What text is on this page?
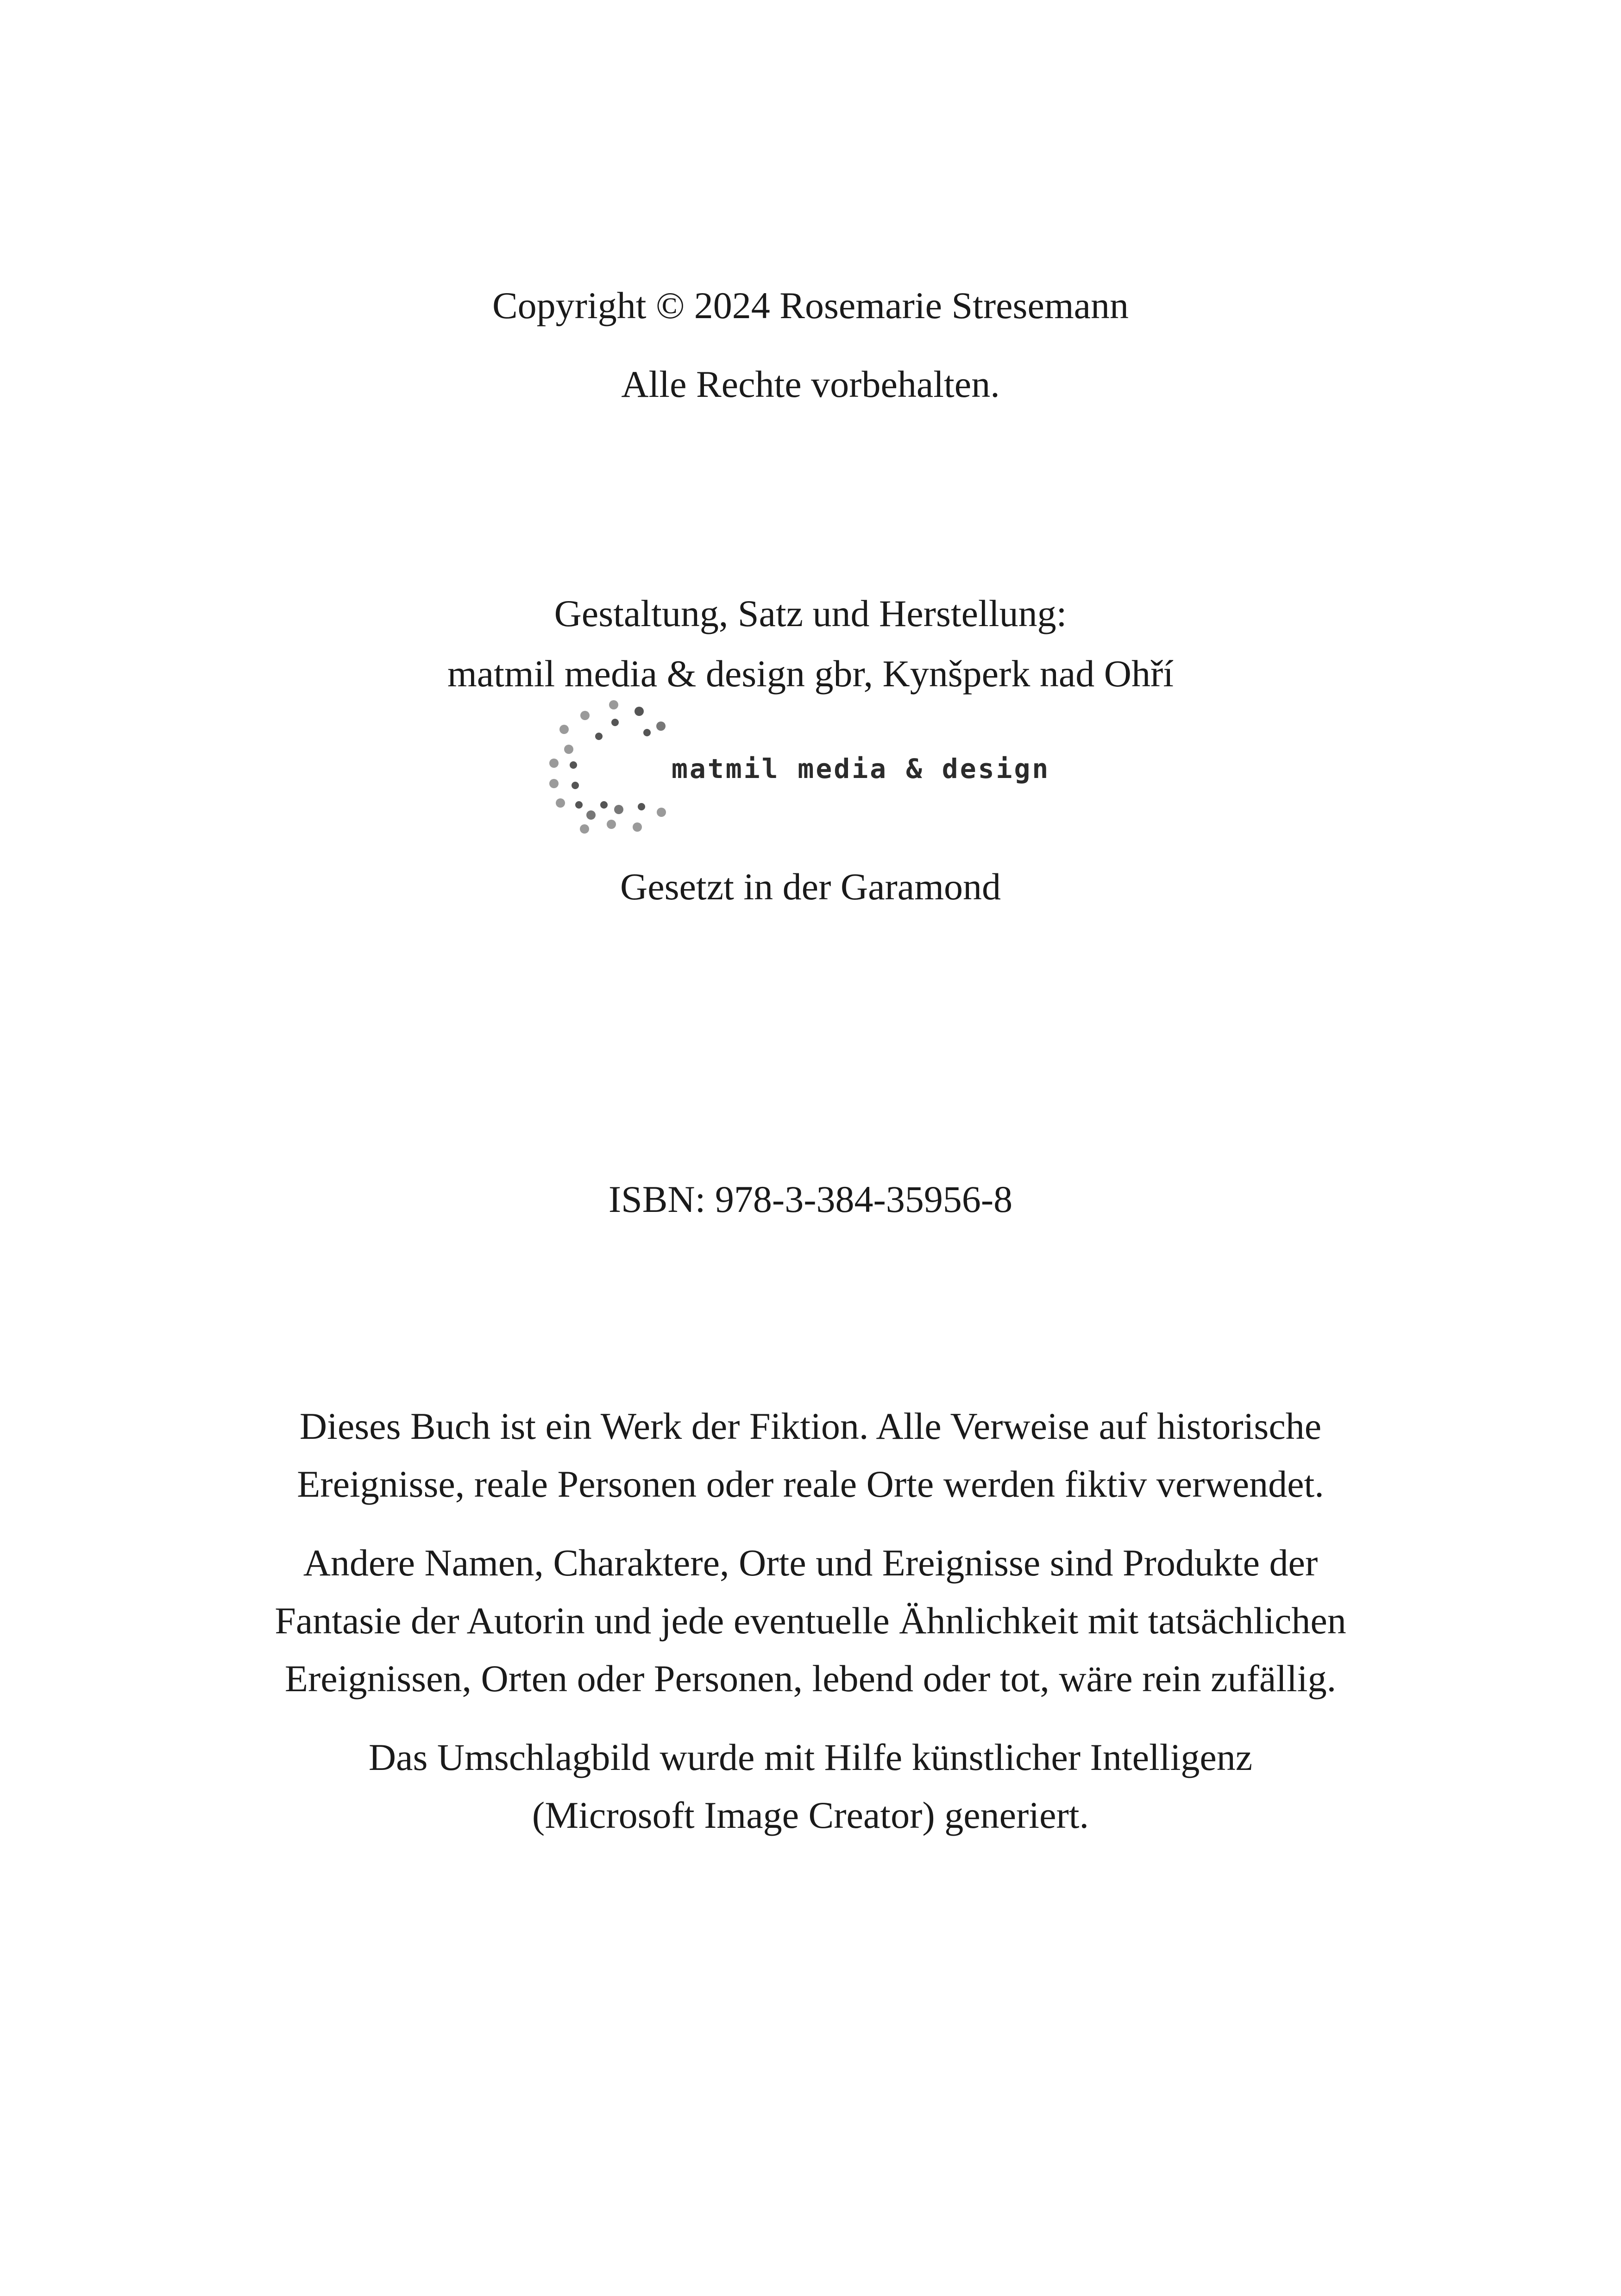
Copyright © 2024 Rosemarie Stresemann
Alle Rechte vorbehalten.
Gestaltung, Satz und Herstellung:
matmil media & design gbr, Kynšperk nad Ohří
matmil media & design
Gesetzt in der Garamond
ISBN: 978-3-384-35956-8
Dieses Buch ist ein Werk der Fiktion. Alle Verweise auf historische
Ereignisse, reale Personen oder reale Orte werden fiktiv verwendet.
Andere Namen, Charaktere, Orte und Ereignisse sind Produkte der
Fantasie der Autorin und jede eventuelle Ähnlichkeit mit tatsächlichen
Ereignissen, Orten oder Personen, lebend oder tot, wäre rein zufällig.
Das Umschlagbild wurde mit Hilfe künstlicher Intelligenz
(Microsoft Image Creator) generiert.
